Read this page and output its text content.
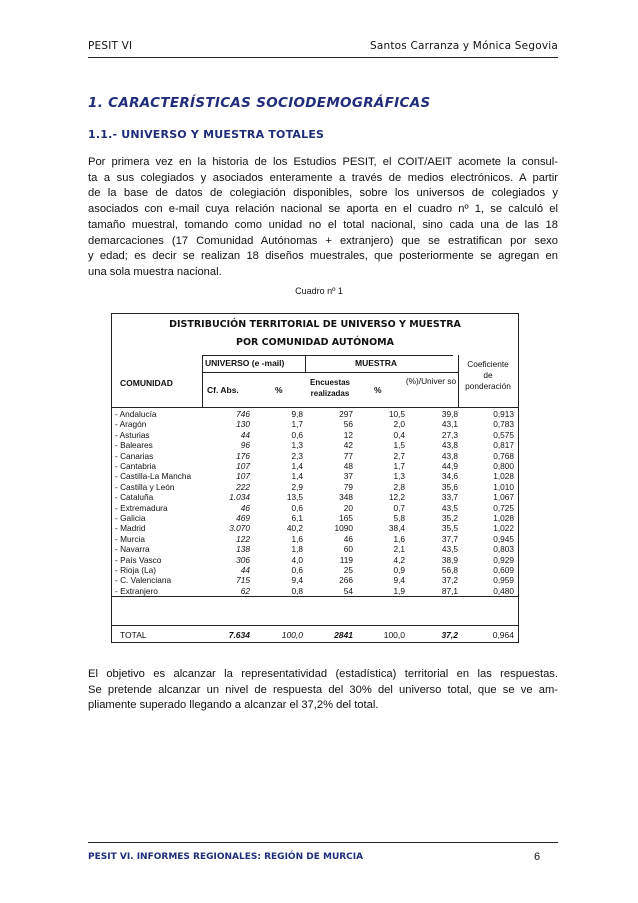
PESIT VI	Santos Carranza y Mónica Segovia
1. CARACTERÍSTICAS SOCIODEMOGRÁFICAS
1.1.- UNIVERSO Y MUESTRA TOTALES
Por primera vez en la historia de los Estudios PESIT, el COIT/AEIT acomete la consul-
ta a sus colegiados y asociados enteramente a través de medios electrónicos. A partir
de la base de datos de colegiación disponibles, sobre los universos de colegiados y
asociados con e-mail cuya relación nacional se aporta en el cuadro nº 1, se calculó el
tamaño muestral, tomando como unidad no el total nacional, sino cada una de las 18
demarcaciones (17 Comunidad Autónomas + extranjero) que se estratifican por sexo
y edad; es decir se realizan 18 diseños muestrales, que posteriormente se agregan en
una sola muestra nacional.
Cuadro nº 1
DISTRIBUCIÓN TERRITORIAL DE UNIVERSO Y MUESTRA
POR COMUNIDAD AUTÓNOMA
COMUNIDAD
UNIVERSO (e -mail)	MUESTRA	Coeficiente de ponderación
Cf. Abs.	%
Encuestas realizadas	%
(%)/Univer so
- Andalucía	746	9,8	297	10,5	39,8	0,913
- Aragón	130	1,7	56	2,0	43,1	0,783
- Asturias	44	0,6	12	0,4	27,3	0,575
- Baleares	96	1,3	42	1,5	43,8	0,817
- Canarias	176	2,3	77	2,7	43,8	0,768
- Cantabria	107	1,4	48	1,7	44,9	0,800
- Castilla-La Mancha	107	1,4	37	1,3	34,6	1,028
- Castilla y León	222	2,9	79	2,8	35,6	1,010
- Cataluña	1.034	13,5	348	12,2	33,7	1,067
- Extremadura	46	0,6	20	0,7	43,5	0,725
- Galicia	469	6,1	165	5,8	35,2	1,028
- Madrid	3.070	40,2	1090	38,4	35,5	1,022
- Murcia	122	1,6	46	1,6	37,7	0,945
- Navarra	138	1,8	60	2,1	43,5	0,803
- País Vasco	306	4,0	119	4,2	38,9	0,929
- Rioja (La)	44	0,6	25	0,9	56,8	0,609
- C. Valenciana	715	9,4	266	9,4	37,2	0,959
- Extranjero	62	0,8	54	1,9	87,1	0,480
TOTAL	7.634	100,0	2841	100,0	37,2	0,964
El objetivo es alcanzar la representatividad (estadística) territorial en las respuestas.
Se pretende alcanzar un nivel de respuesta del 30% del universo total, que se ve am-
pliamente superado llegando a alcanzar el 37,2% del total.
PESIT VI. INFORMES REGIONALES: REGIÓN DE MURCIA	6
